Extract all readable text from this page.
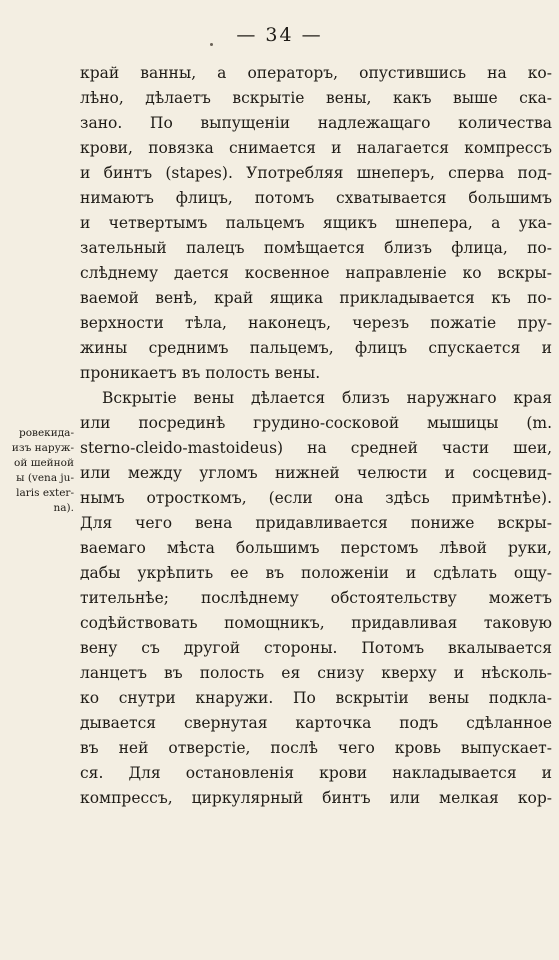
— 34 —
ровекида-
изъ наруж-
ой шейной
ы (vena ju-
laris exter-
na).
край ванны, а операторъ, опустившись на ко-
лѣно, дѣлаетъ вскрытіе вены, какъ выше ска-
зано. По выпущеніи надлежащаго количества
крови, повязка снимается и налагается компрессъ
и бинтъ (stapes). Употребляя шнеперъ, сперва под-
нимаютъ флицъ, потомъ схватывается большимъ
и четвертымъ пальцемъ ящикъ шнепера, а ука-
зательный палецъ помѣщается близъ флица, по-
слѣднему дается косвенное направленіе ко вскры-
ваемой венѣ, край ящика прикладывается къ по-
верхности тѣла, наконецъ, черезъ пожатіе пру-
жины среднимъ пальцемъ, флицъ спускается и
проникаетъ въ полость вены.
Вскрытіе вены дѣлается близъ наружнаго края
или посрединѣ грудино-сосковой мышицы (m.
sterno-cleido-mastoideus) на средней части шеи,
или между угломъ нижней челюсти и сосцевид-
нымъ отросткомъ, (если она здѣсь примѣтнѣе).
Для чего вена придавливается пониже вскры-
ваемаго мѣста большимъ перстомъ лѣвой руки,
дабы укрѣпить ее въ положеніи и сдѣлать ощу-
тительнѣе; послѣднему обстоятельству можетъ
содѣйствовать помощникъ, придавливая таковую
вену съ другой стороны. Потомъ вкалывается
ланцетъ въ полость ея снизу кверху и нѣсколь-
ко снутри кнаружи. По вскрытіи вены подкла-
дывается свернутая карточка подъ сдѣланное
въ ней отверстіе, послѣ чего кровь выпускает-
ся. Для остановленія крови накладывается и
компрессъ, циркулярный бинтъ или мелкая кор-
